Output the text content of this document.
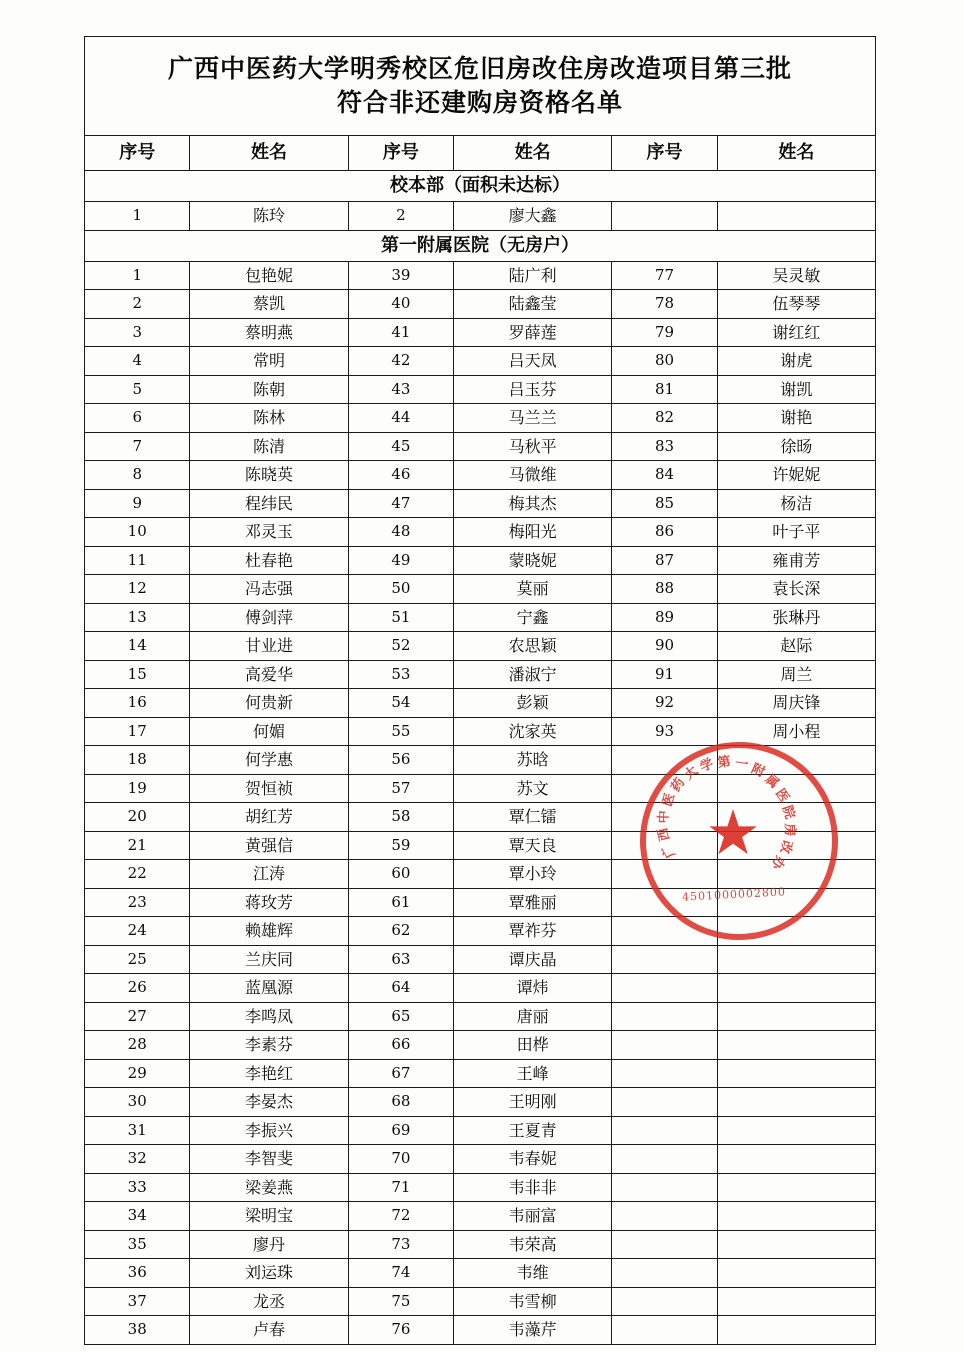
广西中医药大学明秀校区危旧房改住房改造项目第三批
符合非还建购房资格名单					

序号	姓名	序号	姓名	序号	姓名
校本部（面积未达标）					
1	陈玲	2	廖大鑫		
第一附属医院（无房户）					
1	包艳妮	39	陆广利	77	吴灵敏
2	蔡凯	40	陆鑫莹	78	伍琴琴
3	蔡明燕	41	罗薛莲	79	谢红红
4	常明	42	吕天凤	80	谢虎
5	陈朝	43	吕玉芬	81	谢凯
6	陈林	44	马兰兰	82	谢艳
7	陈清	45	马秋平	83	徐旸
8	陈晓英	46	马微维	84	许妮妮
9	程纬民	47	梅其杰	85	杨洁
10	邓灵玉	48	梅阳光	86	叶子平
11	杜春艳	49	蒙晓妮	87	雍甫芳
12	冯志强	50	莫丽	88	袁长深
13	傅剑萍	51	宁鑫	89	张琳丹
14	甘业进	52	农思颖	90	赵际
15	高爱华	53	潘淑宁	91	周兰
16	何贵新	54	彭颖	92	周庆锋
17	何媚	55	沈家英	93	周小程
18	何学惠	56	苏晗		
19	贺恒祯	57	苏文		
20	胡红芳	58	覃仁镭		
21	黄强信	59	覃天良		
22	江涛	60	覃小玲		
23	蒋玫芳	61	覃雅丽		
24	赖雄辉	62	覃祚芬		
25	兰庆同	63	谭庆晶		
26	蓝凰源	64	谭炜		
27	李鸣凤	65	唐丽		
28	李素芬	66	田桦		
29	李艳红	67	王峰		
30	李晏杰	68	王明刚		
31	李振兴	69	王夏青		
32	李智斐	70	韦春妮		
33	梁姜燕	71	韦非非		
34	梁明宝	72	韦丽富		
35	廖丹	73	韦荣高		
36	刘运珠	74	韦维		
37	龙丞	75	韦雪柳		
38	卢春	76	韦藻芹		
广
西
中
医
药
大
学 第 一 附
属
医
院
房
改
办
★
4501000002800
